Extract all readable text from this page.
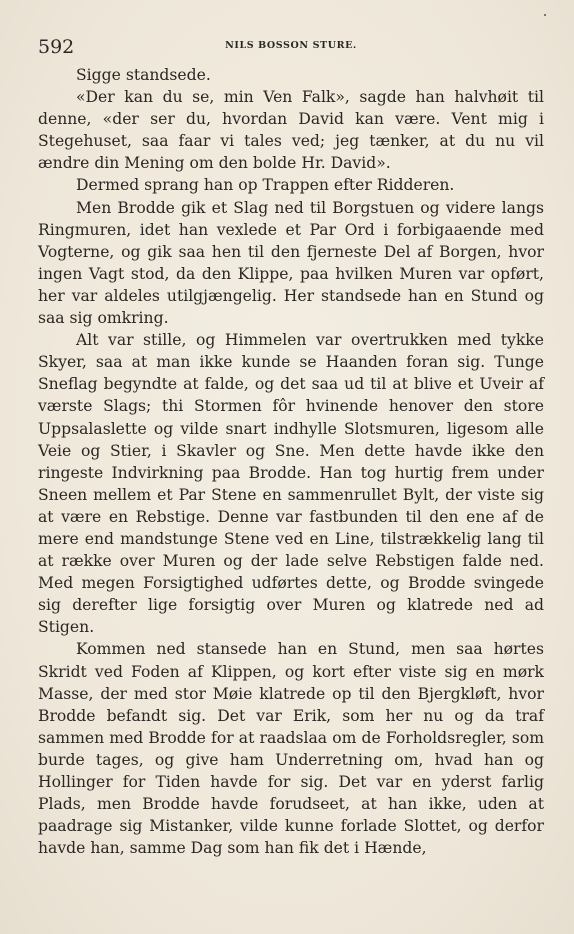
592	NILS BOSSON STURE.

Sigge standsede.

«Der kan du se, min Ven Falk», sagde han halvhøit til denne, «der ser du, hvordan David kan være. Vent mig i Stegehuset, saa faar vi tales ved; jeg tænker, at du nu vil ændre din Mening om den bolde Hr. David».

Dermed sprang han op Trappen efter Ridderen.

Men Brodde gik et Slag ned til Borgstuen og videre langs Ringmuren, idet han vexlede et Par Ord i forbigaaende med Vogterne, og gik saa hen til den fjerneste Del af Borgen, hvor ingen Vagt stod, da den Klippe, paa hvilken Muren var opført, her var aldeles utilgjængelig. Her standsede han en Stund og saa sig omkring.

Alt var stille, og Himmelen var overtrukken med tykke Skyer, saa at man ikke kunde se Haanden foran sig. Tunge Sneflag begyndte at falde, og det saa ud til at blive et Uveir af værste Slags; thi Stormen fôr hvinende henover den store Uppsalaslette og vilde snart indhylle Slotsmuren, ligesom alle Veie og Stier, i Skavler og Sne. Men dette havde ikke den ringeste Indvirkning paa Brodde. Han tog hurtig frem under Sneen mellem et Par Stene en sammenrullet Bylt, der viste sig at være en Rebstige. Denne var fastbunden til den ene af de mere end mandstunge Stene ved en Line, tilstrækkelig lang til at række over Muren og der lade selve Rebstigen falde ned. Med megen Forsigtighed udførtes dette, og Brodde svingede sig derefter lige forsigtig over Muren og klatrede ned ad Stigen.

Kommen ned stansede han en Stund, men saa hørtes Skridt ved Foden af Klippen, og kort efter viste sig en mørk Masse, der med stor Møie klatrede op til den Bjergkløft, hvor Brodde befandt sig. Det var Erik, som her nu og da traf sammen med Brodde for at raadslaa om de Forholdsregler, som burde tages, og give ham Underretning om, hvad han og Hollinger for Tiden havde for sig. Det var en yderst farlig Plads, men Brodde havde forudseet, at han ikke, uden at paadrage sig Mistanker, vilde kunne forlade Slottet, og derfor havde han, samme Dag som han fik det i Hænde,
